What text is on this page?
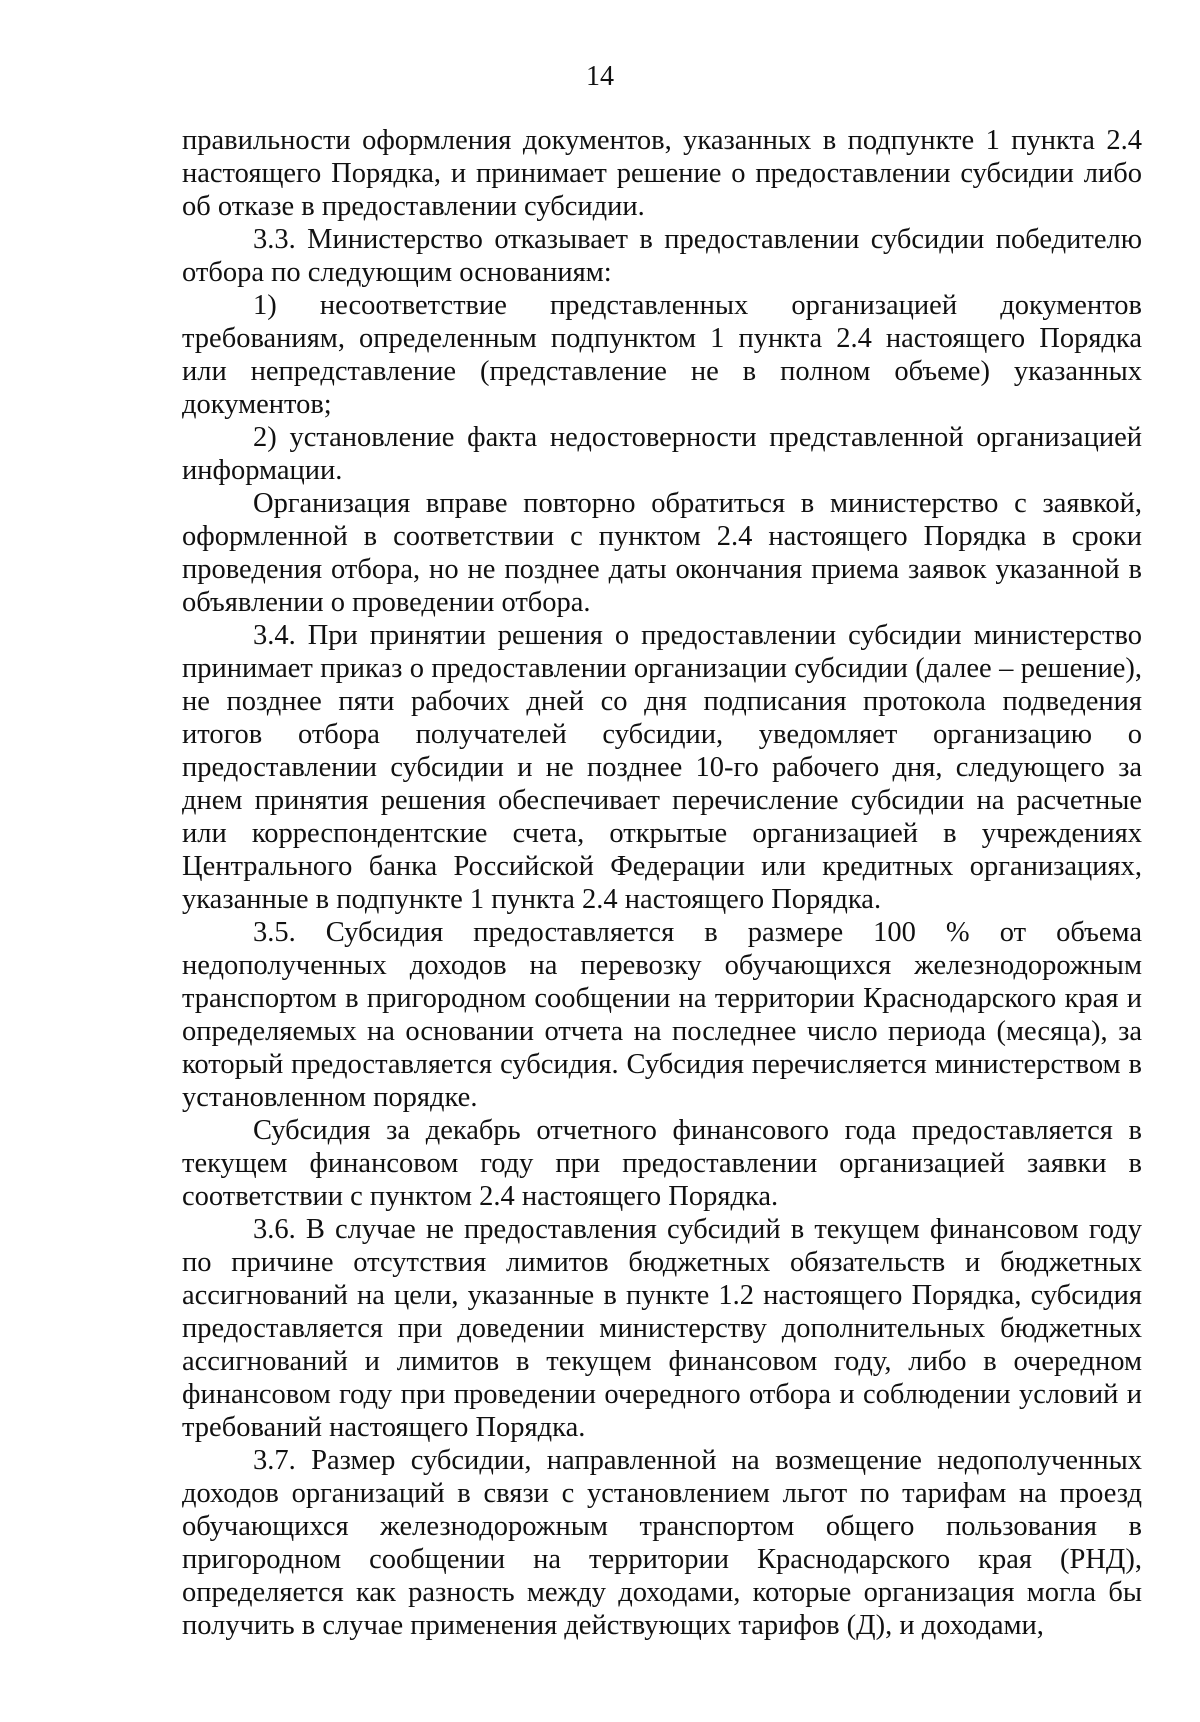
14

правильности оформления документов, указанных в подпункте 1 пункта 2.4 настоящего Порядка, и принимает решение о предоставлении субсидии либо об отказе в предоставлении субсидии.

3.3. Министерство отказывает в предоставлении субсидии победителю отбора по следующим основаниям:

1) несоответствие представленных организацией документов требованиям, определенным подпунктом 1 пункта 2.4 настоящего Порядка или непредставление (представление не в полном объеме) указанных документов;

2) установление факта недостоверности представленной организацией информации.

Организация вправе повторно обратиться в министерство с заявкой, оформленной в соответствии с пунктом 2.4 настоящего Порядка в сроки проведения отбора, но не позднее даты окончания приема заявок указанной в объявлении о проведении отбора.

3.4. При принятии решения о предоставлении субсидии министерство принимает приказ о предоставлении организации субсидии (далее – решение), не позднее пяти рабочих дней со дня подписания протокола подведения итогов отбора получателей субсидии, уведомляет организацию о предоставлении субсидии и не позднее 10-го рабочего дня, следующего за днем принятия решения обеспечивает перечисление субсидии на расчетные или корреспондентские счета, открытые организацией в учреждениях Центрального банка Российской Федерации или кредитных организациях, указанные в подпункте 1 пункта 2.4 настоящего Порядка.

3.5. Субсидия предоставляется в размере 100 % от объема недополученных доходов на перевозку обучающихся железнодорожным транспортом в пригородном сообщении на территории Краснодарского края и определяемых на основании отчета на последнее число периода (месяца), за который предоставляется субсидия. Субсидия перечисляется министерством в установленном порядке.

Субсидия за декабрь отчетного финансового года предоставляется в текущем финансовом году при предоставлении организацией заявки в соответствии с пунктом 2.4 настоящего Порядка.

3.6. В случае не предоставления субсидий в текущем финансовом году по причине отсутствия лимитов бюджетных обязательств и бюджетных ассигнований на цели, указанные в пункте 1.2 настоящего Порядка, субсидия предоставляется при доведении министерству дополнительных бюджетных ассигнований и лимитов в текущем финансовом году, либо в очередном финансовом году при проведении очередного отбора и соблюдении условий и требований настоящего Порядка.

3.7. Размер субсидии, направленной на возмещение недополученных доходов организаций в связи с установлением льгот по тарифам на проезд обучающихся железнодорожным транспортом общего пользования в пригородном сообщении на территории Краснодарского края (РНД), определяется как разность между доходами, которые организация могла бы получить в случае применения действующих тарифов (Д), и доходами,
